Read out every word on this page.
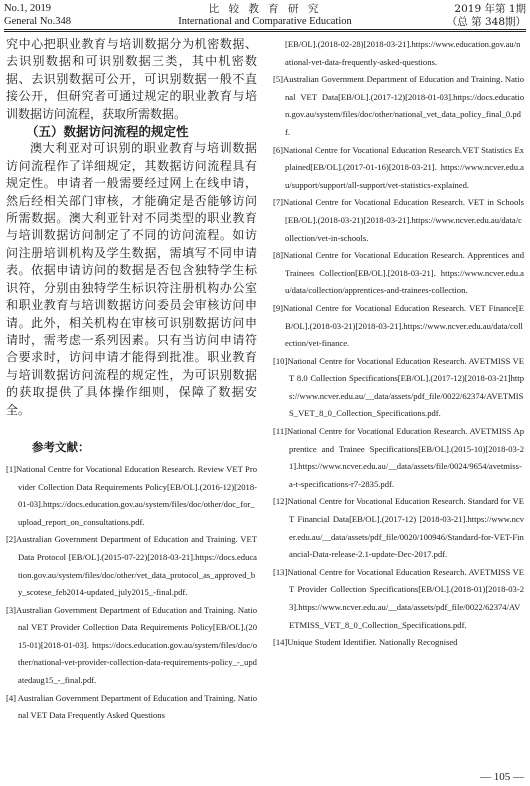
No.1, 2019
General No.348
比 较 教 育 研 究
International and Comparative Education
2019 年第 1期
（总 第 348期）

究中心把职业教育与培训数据分为机密数据、去识别数据和可识别数据三类，其中机密数据、去识别数据可公开，可识别数据一般不直接公开，但研究者可通过规定的职业教育与培训数据访问流程，获取所需数据。

（五）数据访问流程的规定性

澳大利亚对可识别的职业教育与培训数据访问流程作了详细规定，其数据访问流程具有规定性。申请者一般需要经过网上在线申请，然后经相关部门审核，才能确定是否能够访问所需数据。澳大利亚针对不同类型的职业教育与培训数据访问制定了不同的访问流程。如访问注册培训机构及学生数据，需填写不同申请表。依据申请访问的数据是否包含独特学生标识符，分别由独特学生标识符注册机构办公室和职业教育与培训数据访问委员会审核访问申请。此外，相关机构在审核可识别数据访问申请时，需考虑一系列因素。只有当访问申请符合要求时，访问申请才能得到批准。职业教育与培训数据访问流程的规定性，为可识别数据的获取提供了具体操作细则，保障了数据安全。

参考文献：

[1]National Centre for Vocational Education Research. Review VET Provider Collection Data Requirements Policy[EB/OL].(2016-12)[2018-01-03].https://docs.education.gov.au/system/files/doc/other/doc_for_upload_report_on_consultations.pdf.

[2]Australian Government Department of Education and Training. VET Data Protocol [EB/OL].(2015-07-22)[2018-03-21].https://docs.education.gov.au/system/files/doc/other/vet_data_protocol_as_approved_by_scotese_feb2014-updated_july2015_-final.pdf.

[3]Australian Government Department of Education and Training. National VET Provider Collection Data Requirements Policy[EB/OL].(2015-01)[2018-01-03]. https://docs.education.gov.au/system/files/doc/other/national-vet-provider-collection-data-requirements-policy_-_updatedaug15_-_final.pdf.

[4] Australian Government Department of Education and Training. National VET Data Frequently Asked Questions

[EB/OL].(2018-02-28)[2018-03-21].https://www.education.gov.au/national-vet-data-frequently-asked-questions.

[5]Australian Government Department of Education and Training. National VET Data[EB/OL].(2017-12)[2018-01-03].https://docs.education.gov.au/system/files/doc/other/national_vet_data_policy_final_0.pdf.

[6]National Centre for Vocational Education Research.VET Statistics Explained[EB/OL].(2017-01-16)[2018-03-21]. https://www.ncver.edu.au/support/support/all-support/vet-statistics-explained.

[7]National Centre for Vocational Education Research. VET in Schools[EB/OL].(2018-03-21)[2018-03-21].https://www.ncver.edu.au/data/collection/vet-in-schools.

[8]National Centre for Vocational Education Research. Apprentices and Trainees Collection[EB/OL].[2018-03-21]. https://www.ncver.edu.au/data/collection/apprentices-and-trainees-collection.

[9]National Centre for Vocational Education Research. VET Finance[EB/OL].(2018-03-21)[2018-03-21].https://www.ncver.edu.au/data/collection/vet-finance.

[10]National Centre for Vocational Education Research. AVETMISS VET 8.0 Collection Specifications[EB/OL].(2017-12)[2018-03-21]https://www.ncver.edu.au/__data/assets/pdf_file/0022/62374/AVETMISS_VET_8_0_Collection_Specifications.pdf.

[11]National Centre for Vocational Education Research. AVETMISS Apprentice and Trainee Specifications[EB/OL].(2015-10)[2018-03-21].https://www.ncver.edu.au/__data/assets/file/0024/9654/avetmiss-a-t-specifications-r7-2835.pdf.

[12]National Centre for Vocational Education Research. Standard for VET Financial Data[EB/OL].(2017-12) [2018-03-21].https://www.ncver.edu.au/__data/assets/pdf_file/0020/100946/Standard-for-VET-Financial-Data-release-2.1-update-Dec-2017.pdf.

[13]National Centre for Vocational Education Research. AVETMISS VET Provider Collection Specifications[EB/OL].(2018-01)[2018-03-23].https://www.ncver.edu.au/__data/assets/pdf_file/0022/62374/AVETMISS_VET_8_0_Collection_Specifications.pdf.

[14]Unique Student Identifier. Nationally Recognised

— 105 —
